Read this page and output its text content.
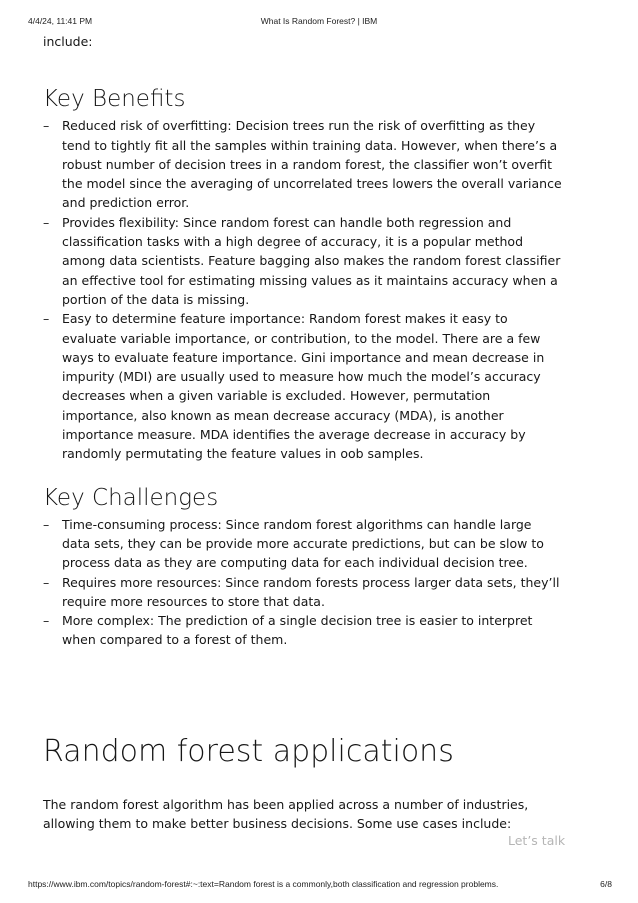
4/4/24, 11:41 PM	What Is Random Forest? | IBM

include:

Key Benefits
– Reduced risk of overfitting: Decision trees run the risk of overfitting as they tend to tightly fit all the samples within training data. However, when there’s a robust number of decision trees in a random forest, the classifier won’t overfit the model since the averaging of uncorrelated trees lowers the overall variance and prediction error.
– Provides flexibility: Since random forest can handle both regression and classification tasks with a high degree of accuracy, it is a popular method among data scientists. Feature bagging also makes the random forest classifier an effective tool for estimating missing values as it maintains accuracy when a portion of the data is missing.
– Easy to determine feature importance: Random forest makes it easy to evaluate variable importance, or contribution, to the model. There are a few ways to evaluate feature importance. Gini importance and mean decrease in impurity (MDI) are usually used to measure how much the model’s accuracy decreases when a given variable is excluded. However, permutation importance, also known as mean decrease accuracy (MDA), is another importance measure. MDA identifies the average decrease in accuracy by randomly permutating the feature values in oob samples.
Key Challenges
– Time-consuming process: Since random forest algorithms can handle large data sets, they can be provide more accurate predictions, but can be slow to process data as they are computing data for each individual decision tree.
– Requires more resources: Since random forests process larger data sets, they’ll require more resources to store that data.
– More complex: The prediction of a single decision tree is easier to interpret when compared to a forest of them.
Random forest applications

The random forest algorithm has been applied across a number of industries, allowing them to make better business decisions. Some use cases include:

Let’s talk
https://www.ibm.com/topics/random-forest#:~:text=Random forest is a commonly,both classification and regression problems.	6/8
